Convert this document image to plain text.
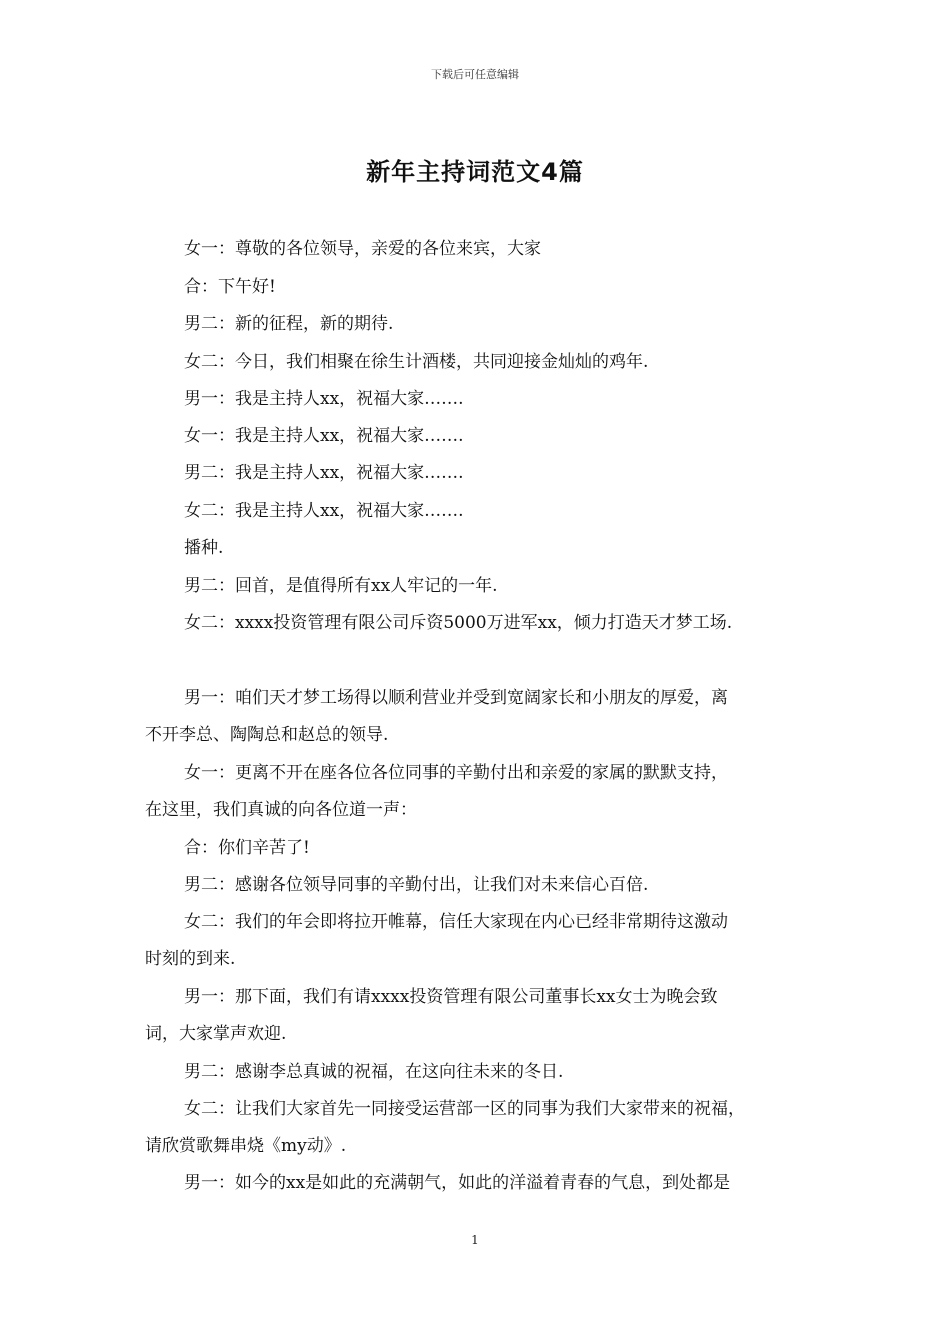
下载后可任意编辑
新年主持词范文4篇

女一：尊敬的各位领导，亲爱的各位来宾，大家

合：下午好!

男二：新的征程，新的期待.

女二：今日，我们相聚在徐生计酒楼，共同迎接金灿灿的鸡年.

男一：我是主持人xx，祝福大家…….

女一：我是主持人xx，祝福大家…….

男二：我是主持人xx，祝福大家…….

女二：我是主持人xx，祝福大家…….

播种.

男二：回首，是值得所有xx人牢记的一年.

女二：xxxx投资管理有限公司斥资5000万进军xx，倾力打造天才梦工场.

男一：咱们天才梦工场得以顺利营业并受到宽阔家长和小朋友的厚爱，离

不开李总、陶陶总和赵总的领导.

女一：更离不开在座各位各位同事的辛勤付出和亲爱的家属的默默支持，

在这里，我们真诚的向各位道一声：

合：你们辛苦了!

男二：感谢各位领导同事的辛勤付出，让我们对未来信心百倍.

女二：我们的年会即将拉开帷幕，信任大家现在内心已经非常期待这激动

时刻的到来.

男一：那下面，我们有请xxxx投资管理有限公司董事长xx女士为晚会致

词，大家掌声欢迎.

男二：感谢李总真诚的祝福，在这向往未来的冬日.

女二：让我们大家首先一同接受运营部一区的同事为我们大家带来的祝福，

请欣赏歌舞串烧《my动》.

男一：如今的xx是如此的充满朝气，如此的洋溢着青春的气息，到处都是

1
